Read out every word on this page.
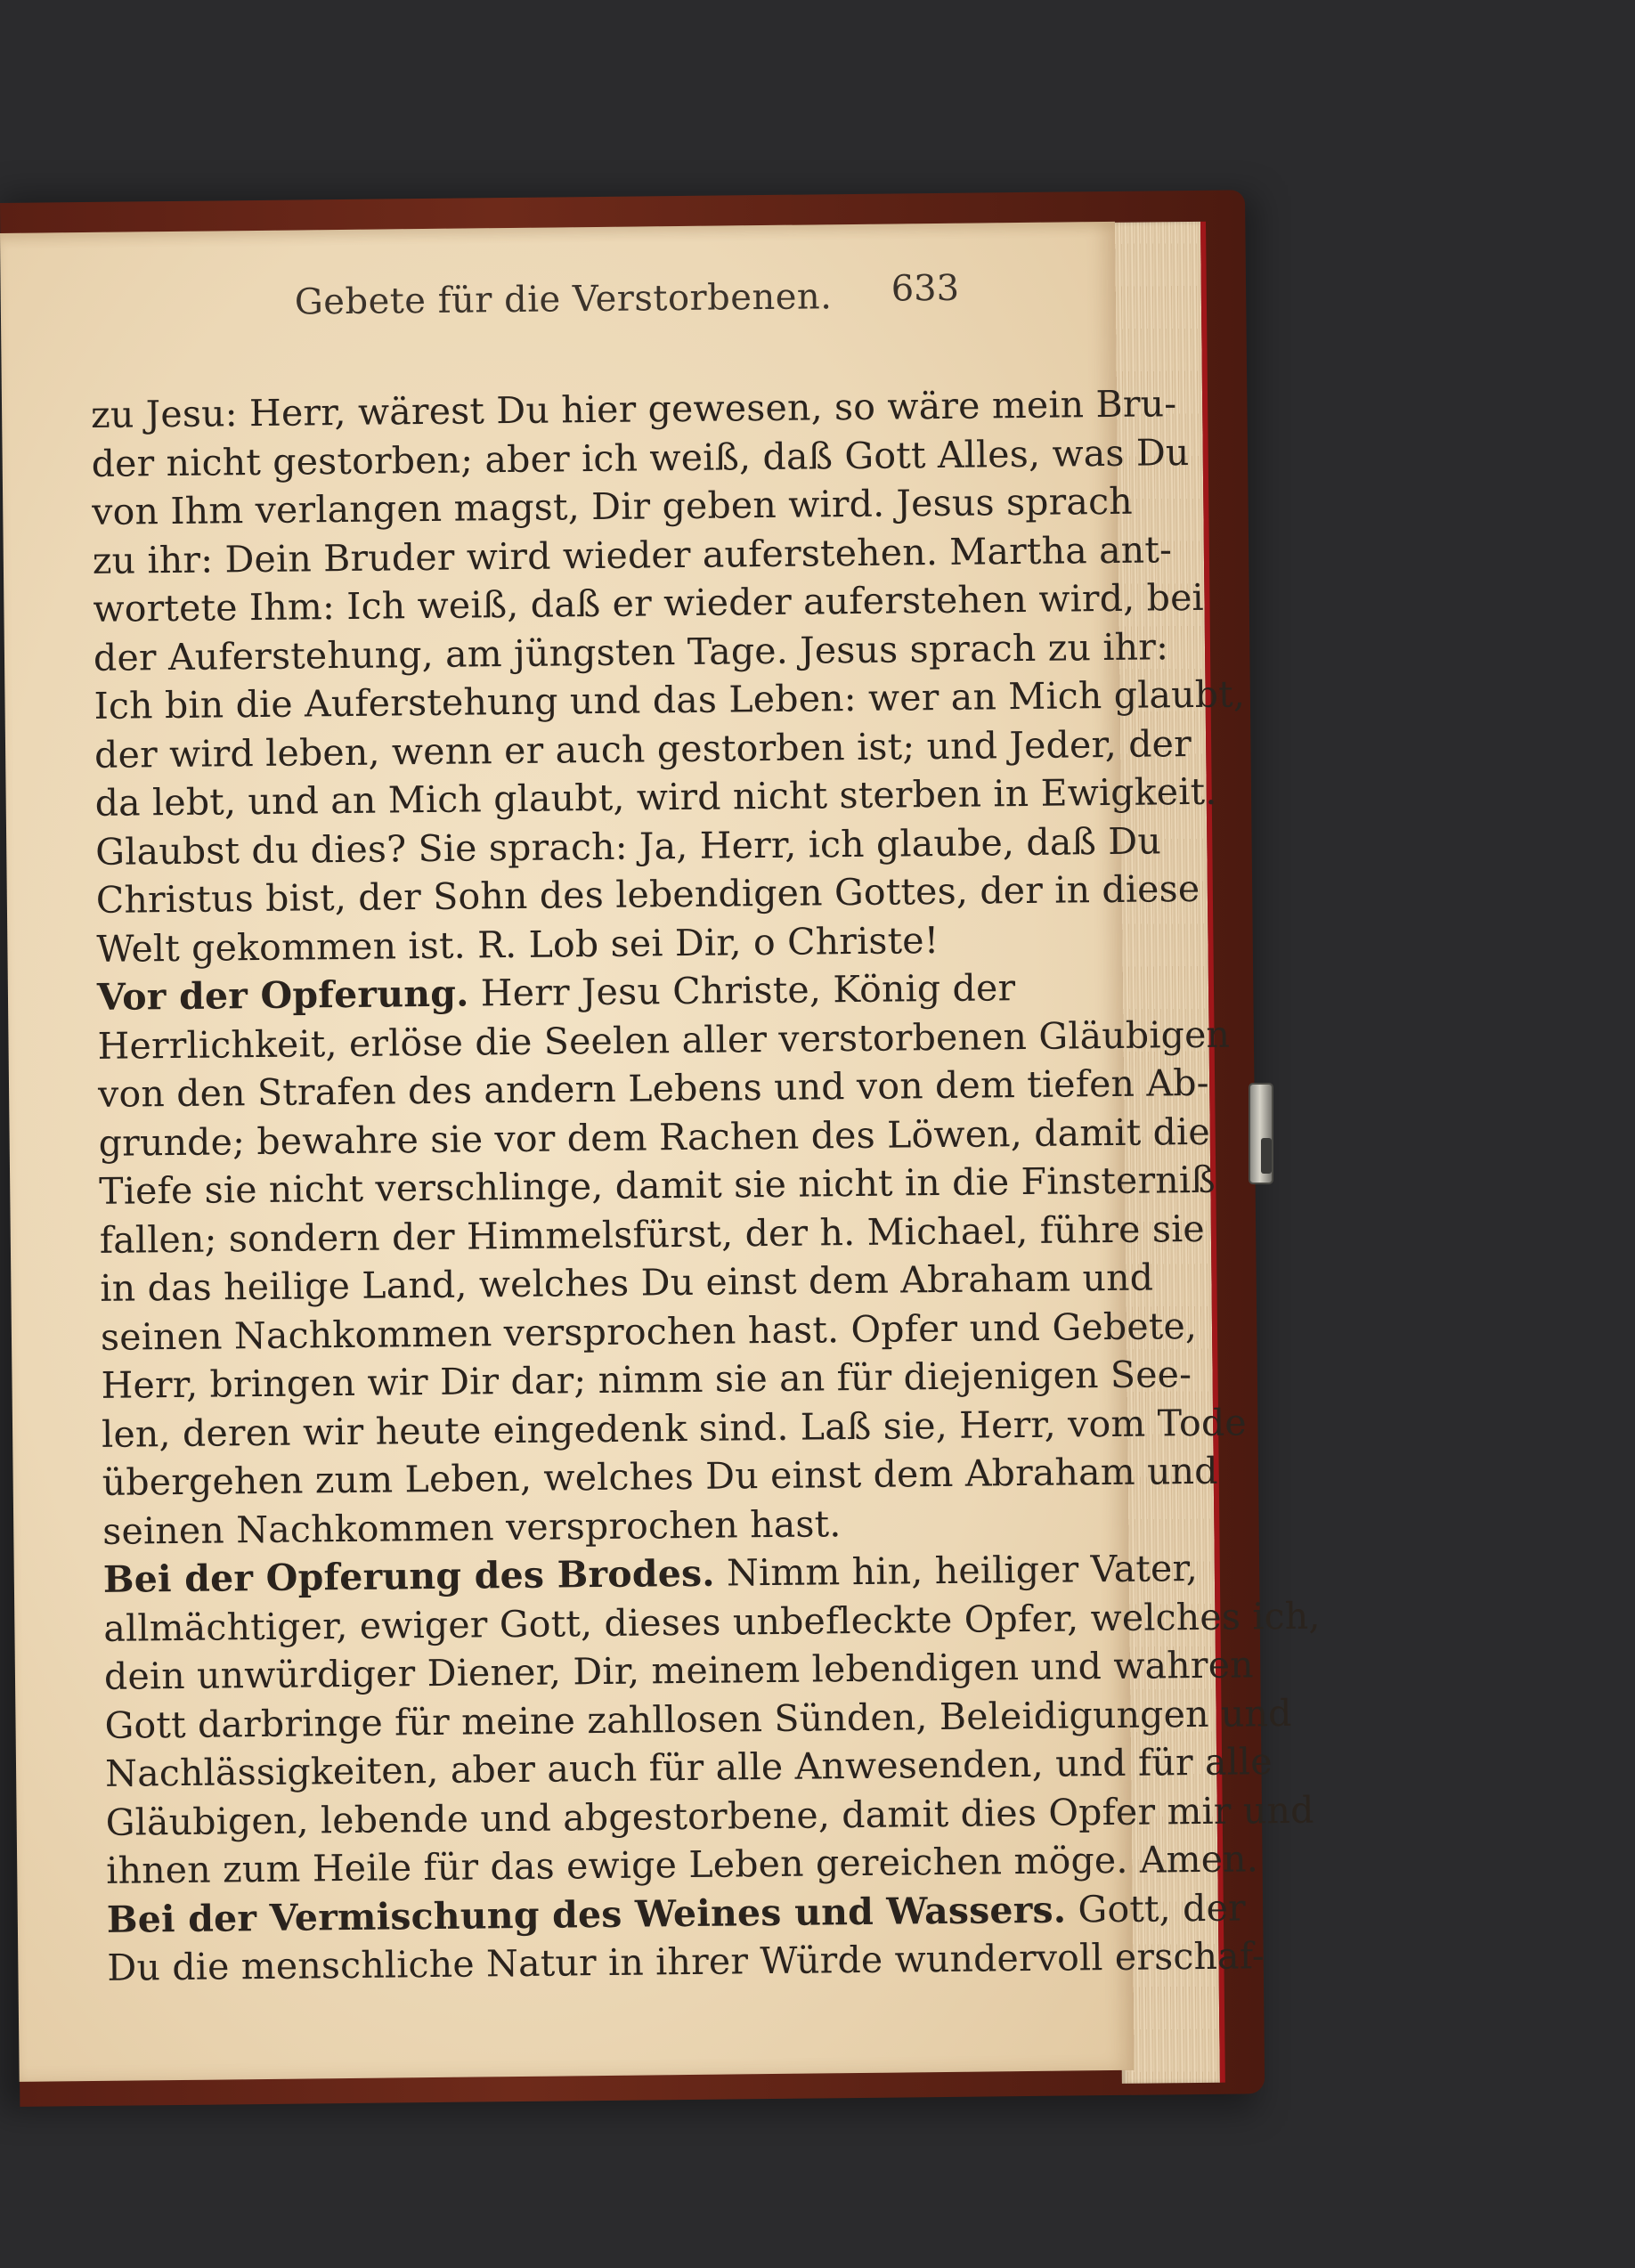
Gebete für die Verstorbenen. 633
zu Jesu: Herr, wärest Du hier gewesen, so wäre mein Bru-
der nicht gestorben; aber ich weiß, daß Gott Alles, was Du
von Ihm verlangen magst, Dir geben wird. Jesus sprach
zu ihr: Dein Bruder wird wieder auferstehen. Martha ant-
wortete Ihm: Ich weiß, daß er wieder auferstehen wird, bei
der Auferstehung, am jüngsten Tage. Jesus sprach zu ihr:
Ich bin die Auferstehung und das Leben: wer an Mich glaubt,
der wird leben, wenn er auch gestorben ist; und Jeder, der
da lebt, und an Mich glaubt, wird nicht sterben in Ewigkeit.
Glaubst du dies? Sie sprach: Ja, Herr, ich glaube, daß Du
Christus bist, der Sohn des lebendigen Gottes, der in diese
Welt gekommen ist. R. Lob sei Dir, o Christe!
Vor der Opferung. Herr Jesu Christe, König der
Herrlichkeit, erlöse die Seelen aller verstorbenen Gläubigen
von den Strafen des andern Lebens und von dem tiefen Ab-
grunde; bewahre sie vor dem Rachen des Löwen, damit die
Tiefe sie nicht verschlinge, damit sie nicht in die Finsterniß
fallen; sondern der Himmelsfürst, der h. Michael, führe sie
in das heilige Land, welches Du einst dem Abraham und
seinen Nachkommen versprochen hast. Opfer und Gebete,
Herr, bringen wir Dir dar; nimm sie an für diejenigen See-
len, deren wir heute eingedenk sind. Laß sie, Herr, vom Tode
übergehen zum Leben, welches Du einst dem Abraham und
seinen Nachkommen versprochen hast.
Bei der Opferung des Brodes. Nimm hin, heiliger Vater,
allmächtiger, ewiger Gott, dieses unbefleckte Opfer, welches ich,
dein unwürdiger Diener, Dir, meinem lebendigen und wahren
Gott darbringe für meine zahllosen Sünden, Beleidigungen und
Nachlässigkeiten, aber auch für alle Anwesenden, und für alle
Gläubigen, lebende und abgestorbene, damit dies Opfer mir und
ihnen zum Heile für das ewige Leben gereichen möge. Amen.
Bei der Vermischung des Weines und Wassers. Gott, der
Du die menschliche Natur in ihrer Würde wundervoll erschaf-
